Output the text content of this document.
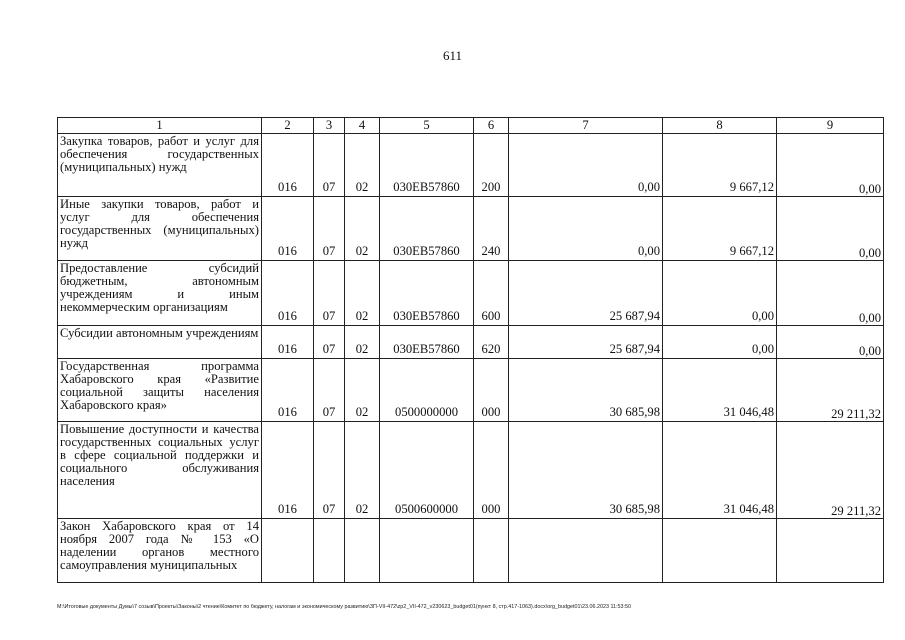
611
1	2	3	4	5	6	7	8	9
Закупка товаров, работ и услуг для обеспечения государственных (муниципальных) нужд	016	07	02	030ЕВ57860	200	0,00	9 667,12	0,00
Иные закупки товаров, работ и услуг для обеспечения государственных (муниципальных) нужд	016	07	02	030ЕВ57860	240	0,00	9 667,12	0,00
Предоставление субсидий бюджетным, автономным учреждениям и иным некоммерческим организациям	016	07	02	030ЕВ57860	600	25 687,94	0,00	0,00
Субсидии автономным учреждениям	016	07	02	030ЕВ57860	620	25 687,94	0,00	0,00
Государственная программа Хабаровского края «Развитие социальной защиты населения Хабаровского края»	016	07	02	0500000000	000	30 685,98	31 046,48	29 211,32
Повышение доступности и качества государственных социальных услуг в сфере социальной поддержки и социального обслуживания населения	016	07	02	0500600000	000	30 685,98	31 046,48	29 211,32
Закон Хабаровского края от 14 ноября 2007 года № 153 «О наделении органов местного самоуправления муниципальных								
M:\Итоговые документы Думы\7 созыв\Проекты\Законы\2 чтение\Комитет по бюджету, налогам и экономическому развитию\ЗП-VII-472\zp2_VII-472_v230623_budget01(пункт 8, стр.417-1063).docx\org_budget01\23.06.2023 11:53:50
